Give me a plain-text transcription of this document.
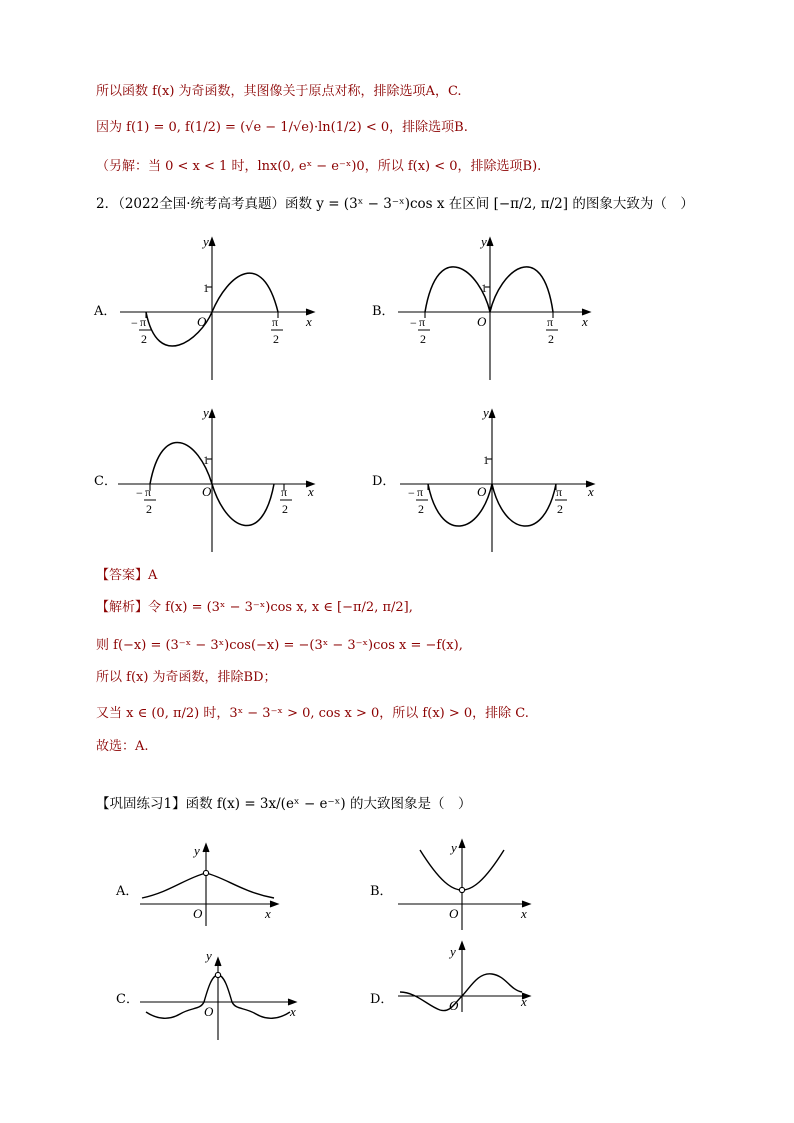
所以函数 f(x) 为奇函数，其图像关于原点对称，排除选项A，C.
因为 f(1) = 0, f(1/2) = (√e − 1/√e)·ln(1/2) < 0，排除选项B.
（另解：当 0 < x < 1 时，lnx(0, eˣ − e⁻ˣ)0，所以 f(x) < 0，排除选项B).
2．（2022全国·统考高考真题）函数 y = (3ˣ − 3⁻ˣ)cos x 在区间 [−π/2, π/2] 的图象大致为（　）
A．	B．
C．	D．
y
x
O
1
− π
2
π
2
y
x
O
1
− π
2
π
2
y
x
O
1
− π
2
π
2
y
x
O
1
− π
2
π
2
【答案】A
【解析】令 f(x) = (3ˣ − 3⁻ˣ)cos x, x ∈ [−π/2, π/2],
则 f(−x) = (3⁻ˣ − 3ˣ)cos(−x) = −(3ˣ − 3⁻ˣ)cos x = −f(x),
所以 f(x) 为奇函数，排除BD；
又当 x ∈ (0, π/2) 时，3ˣ − 3⁻ˣ > 0, cos x > 0，所以 f(x) > 0，排除 C.
故选：A.
【巩固练习1】函数 f(x) = 3x/(eˣ − e⁻ˣ) 的大致图象是（　）
A．	B．
C．	D．
y
x
O
y
x
O
y
x
O
y
x
O
